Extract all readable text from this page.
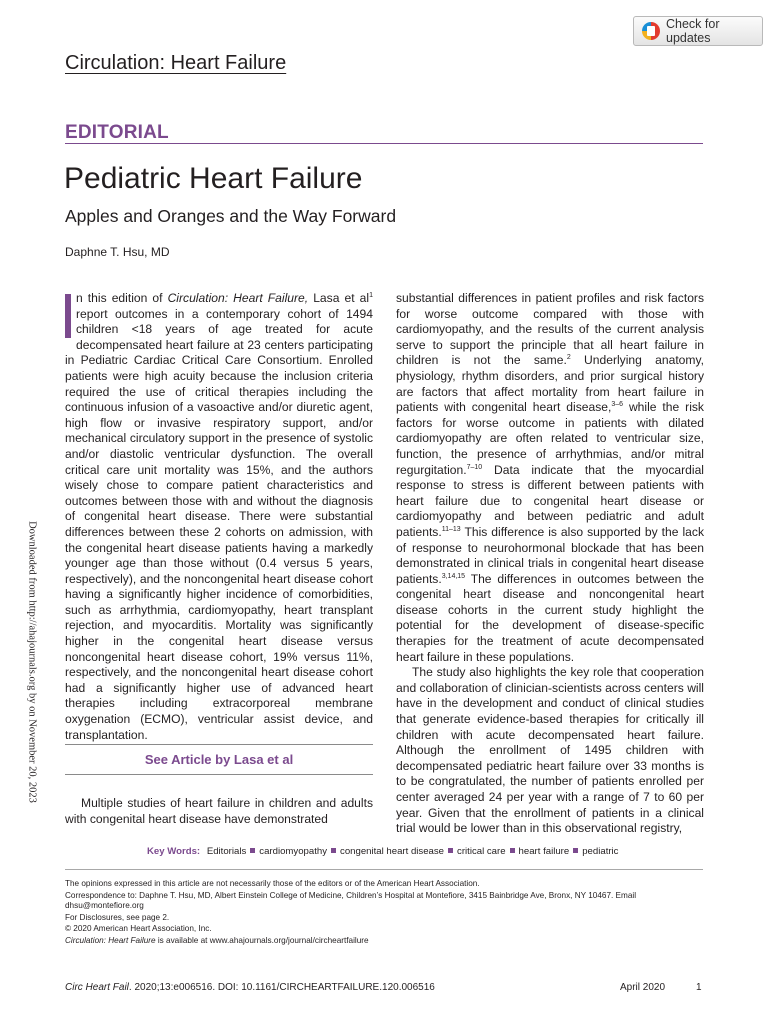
Check for updates
Circulation: Heart Failure
EDITORIAL
Pediatric Heart Failure
Apples and Oranges and the Way Forward
Daphne T. Hsu, MD
Downloaded from http://ahajournals.org by on November 20, 2023

n this edition of Circulation: Heart Failure, Lasa et $al^1$ report outcomes in a contemporary cohort of 1494 children <18 years of age treated for acute decompensated heart failure at 23 centers participating in Pediatric Cardiac Critical Care Consortium. Enrolled patients were high acuity because the inclusion criteria required the use of critical therapies including the continuous infusion of a vasoactive and/or diuretic agent, high flow or invasive respiratory support, and/or mechanical circulatory support in the presence of systolic and/or diastolic ventricular dysfunction. The overall critical care unit mortality was 15%, and the authors wisely chose to compare patient characteristics and outcomes between those with and without the diagnosis of congenital heart disease. There were substantial differences between these 2 cohorts on admission, with the congenital heart disease patients having a markedly younger age than those without (0.4 versus 5 years, respectively), and the noncongenital heart disease cohort having a significantly higher incidence of comorbidities, such as arrhythmia, cardiomyopathy, heart transplant rejection, and myocarditis. Mortality was significantly higher in the congenital heart disease versus noncongenital heart disease cohort, 19% versus 11%, respectively, and the noncongenital heart disease cohort had a significantly higher use of advanced heart therapies including extracorporeal membrane oxygenation (ECMO), ventricular assist device, and transplantation.

See Article by Lasa et al

Multiple studies of heart failure in children and adults with congenital heart disease have demonstrated

substantial differences in patient profiles and risk factors for worse outcome compared with those with cardiomyopathy, and the results of the current analysis serve to support the principle that all heart failure in children is not the same.$^2$ Underlying anatomy, physiology, rhythm disorders, and prior surgical history are factors that affect mortality from heart failure in patients with congenital heart disease,$^{3-6}$ while the risk factors for worse outcome in patients with dilated cardiomyopathy are often related to ventricular size, function, the presence of arrhythmias, and/or mitral regurgitation.$^{7-10}$ Data indicate that the myocardial response to stress is different between patients with heart failure due to congenital heart disease or cardiomyopathy and between pediatric and adult patients.$^{11-13}$ This difference is also supported by the lack of response to neurohormonal blockade that has been demonstrated in clinical trials in congenital heart disease patients.$^{3,14,15}$ The differences in outcomes between the congenital heart disease and noncongenital heart disease cohorts in the current study highlight the potential for the development of disease-specific therapies for the treatment of acute decompensated heart failure in these populations.

The study also highlights the key role that cooperation and collaboration of clinician-scientists across centers will have in the development and conduct of clinical studies that generate evidence-based therapies for critically ill children with acute decompensated heart failure. Although the enrollment of 1495 children with decompensated pediatric heart failure over 33 months is to be congratulated, the number of patients enrolled per center averaged 24 per year with a range of 7 to 60 per year. Given that the enrollment of patients in a clinical trial would be lower than in this observational registry,

Key Words: Editorials cardiomyopathy congenital heart disease critical care heart failure pediatric

The opinions expressed in this article are not necessarily those of the editors or of the American Heart Association.

Correspondence to: Daphne T. Hsu, MD, Albert Einstein College of Medicine, Children’s Hospital at Montefiore, 3415 Bainbridge Ave, Bronx, NY 10467. Email dhsu@montefiore.org

For Disclosures, see page 2.

© 2020 American Heart Association, Inc.

Circulation: Heart Failure is available at www.ahajournals.org/journal/circheartfailure

Circ Heart Fail. 2020;13:e006516. DOI: 10.1161/CIRCHEARTFAILURE.120.006516	April 2020	1
